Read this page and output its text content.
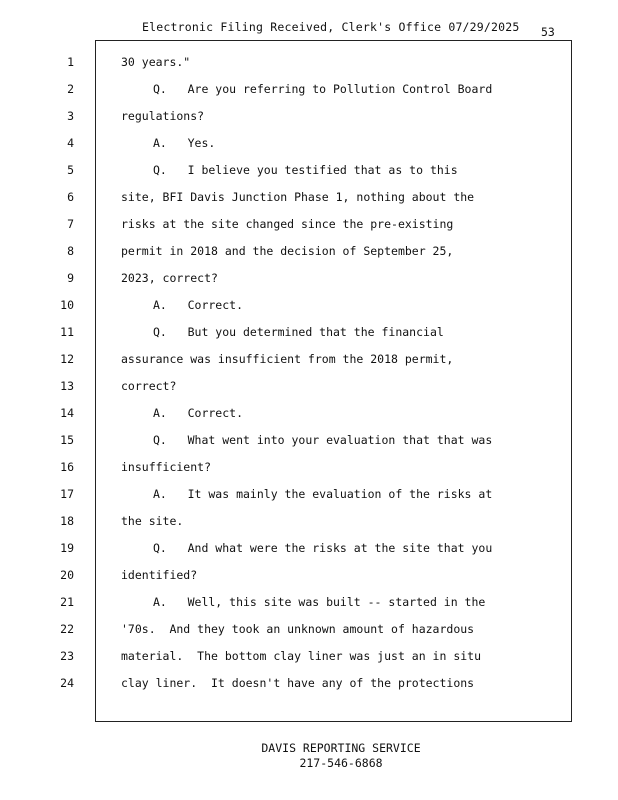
Electronic Filing Received, Clerk's Office 07/29/2025 53
1	30 years."
2	Q.   Are you referring to Pollution Control Board
3	regulations?
4	A.   Yes.
5	Q.   I believe you testified that as to this
6	site, BFI Davis Junction Phase 1, nothing about the
7	risks at the site changed since the pre-existing
8	permit in 2018 and the decision of September 25,
9	2023, correct?
10	A.   Correct.
11	Q.   But you determined that the financial
12	assurance was insufficient from the 2018 permit,
13	correct?
14	A.   Correct.
15	Q.   What went into your evaluation that that was
16	insufficient?
17	A.   It was mainly the evaluation of the risks at
18	the site.
19	Q.   And what were the risks at the site that you
20	identified?
21	A.   Well, this site was built -- started in the
22	'70s.  And they took an unknown amount of hazardous
23	material.  The bottom clay liner was just an in situ
24	clay liner.  It doesn't have any of the protections
DAVIS REPORTING SERVICE
217-546-6868
